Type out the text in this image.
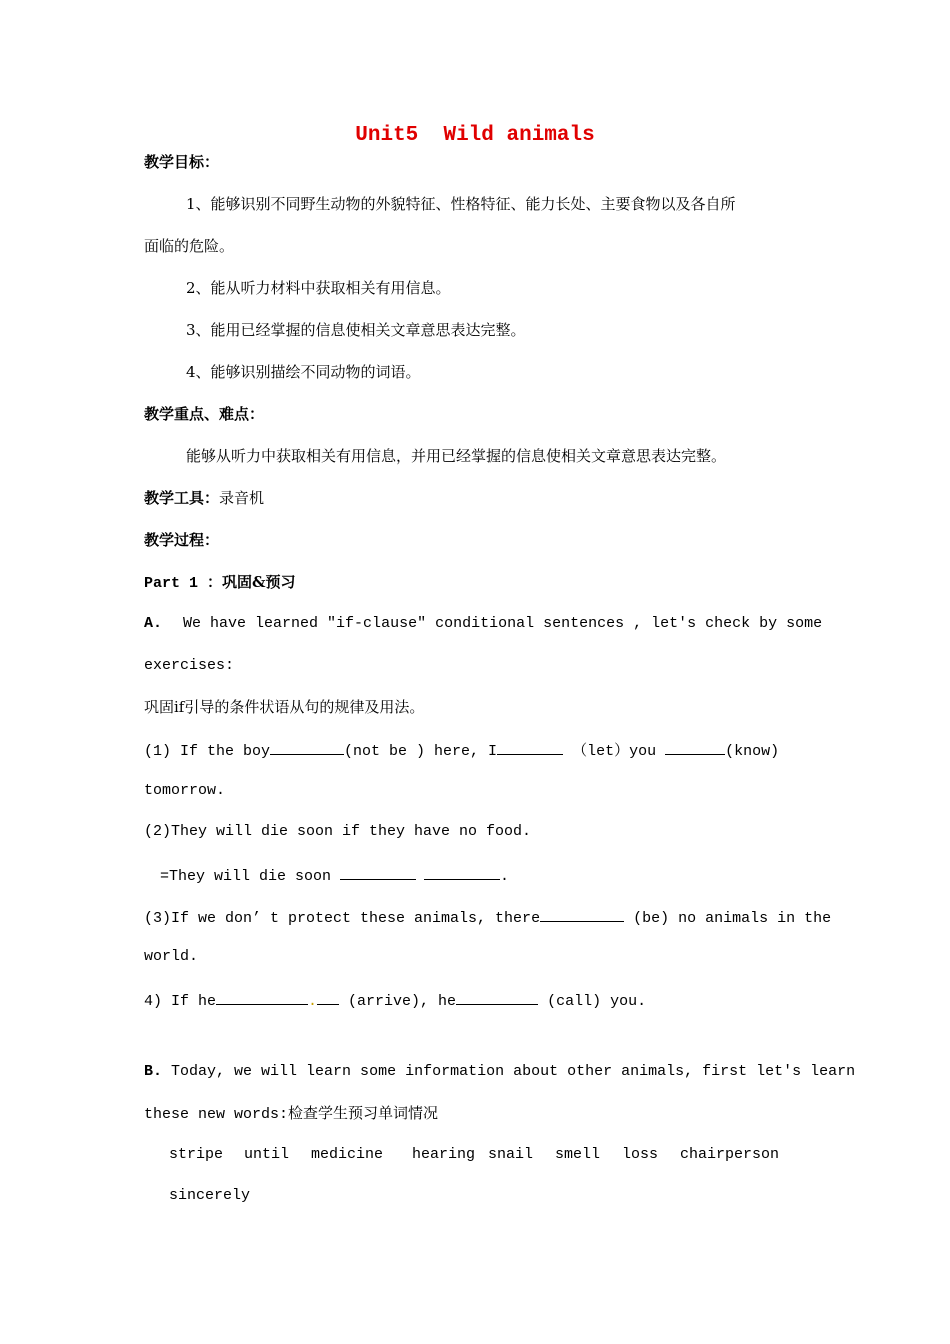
Unit5  Wild animals
教学目标：
1、能够识别不同野生动物的外貌特征、性格特征、能力长处、主要食物以及各自所
面临的危险。
2、能从听力材料中获取相关有用信息。
3、能用已经掌握的信息使相关文章意思表达完整。
4、能够识别描绘不同动物的词语。
教学重点、难点：
能够从听力中获取相关有用信息，并用已经掌握的信息使相关文章意思表达完整。
教学工具：录音机
教学过程：
Part 1 ：巩固&预习
A. We have learned "if-clause" conditional sentences , let's check by some
exercises:
巩固if引导的条件状语从句的规律及用法。
(1) If the boy	(not be ) here, I	（let）you	(know)
tomorrow.
(2)They will die soon if they have no food.
=They will die soon	.
(3)If we don’ t protect these animals, there	(be) no animals in the
world.
4) If he	. (arrive), he	(call) you.
B. Today, we will learn some information about other animals, first let's learn
these new words:检查学生预习单词情况
stripe until medicine hearing snail smell loss chairperson
sincerely
